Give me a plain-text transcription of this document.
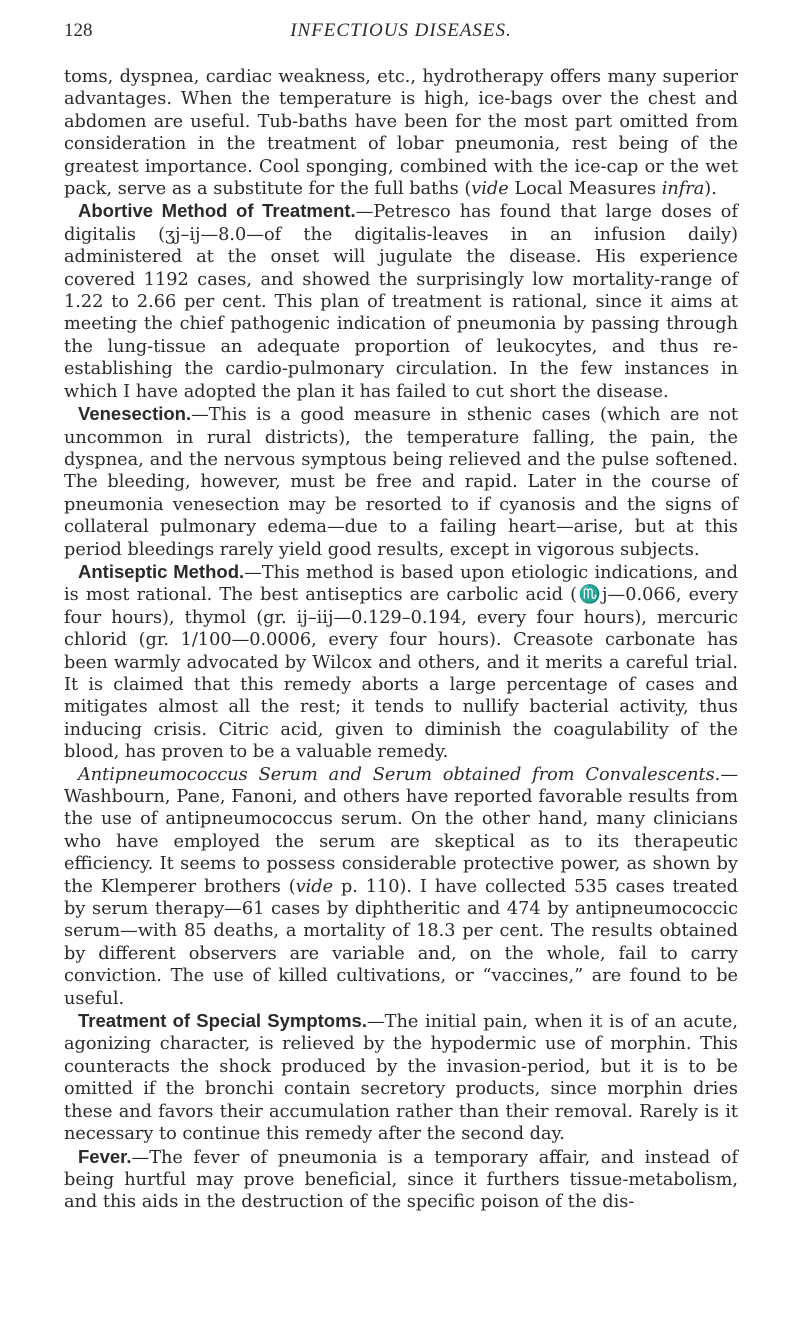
128	INFECTIOUS DISEASES.

toms, dyspnea, cardiac weakness, etc., hydrotherapy offers many superior advantages. When the temperature is high, ice-bags over the chest and abdomen are useful. Tub-baths have been for the most part omitted from consideration in the treatment of lobar pneumonia, rest being of the greatest importance. Cool sponging, combined with the ice-cap or the wet pack, serve as a substitute for the full baths (vide Local Measures infra).

Abortive Method of Treatment.—Petresco has found that large doses of digitalis (ʒj–ij—8.0—of the digitalis-leaves in an infusion daily) administered at the onset will jugulate the disease. His experience covered 1192 cases, and showed the surprisingly low mortality-range of 1.22 to 2.66 per cent. This plan of treatment is rational, since it aims at meeting the chief pathogenic indication of pneumonia by passing through the lung-tissue an adequate proportion of leukocytes, and thus re-establishing the cardio-pulmonary circulation. In the few instances in which I have adopted the plan it has failed to cut short the disease.

Venesection.—This is a good measure in sthenic cases (which are not uncommon in rural districts), the temperature falling, the pain, the dyspnea, and the nervous symptous being relieved and the pulse softened. The bleeding, however, must be free and rapid. Later in the course of pneumonia venesection may be resorted to if cyanosis and the signs of collateral pulmonary edema—due to a failing heart—arise, but at this period bleedings rarely yield good results, except in vigorous subjects.

Antiseptic Method.—This method is based upon etiologic indications, and is most rational. The best antiseptics are carbolic acid (♏j—0.066, every four hours), thymol (gr. ij–iij—0.129–0.194, every four hours), mercuric chlorid (gr. 1/100—0.0006, every four hours). Creasote carbonate has been warmly advocated by Wilcox and others, and it merits a careful trial. It is claimed that this remedy aborts a large percentage of cases and mitigates almost all the rest; it tends to nullify bacterial activity, thus inducing crisis. Citric acid, given to diminish the coagulability of the blood, has proven to be a valuable remedy.

Antipneumococcus Serum and Serum obtained from Convalescents.—Washbourn, Pane, Fanoni, and others have reported favorable results from the use of antipneumococcus serum. On the other hand, many clinicians who have employed the serum are skeptical as to its therapeutic efficiency. It seems to possess considerable protective power, as shown by the Klemperer brothers (vide p. 110). I have collected 535 cases treated by serum therapy—61 cases by diphtheritic and 474 by antipneumococcic serum—with 85 deaths, a mortality of 18.3 per cent. The results obtained by different observers are variable and, on the whole, fail to carry conviction. The use of killed cultivations, or “vaccines,” are found to be useful.

Treatment of Special Symptoms.—The initial pain, when it is of an acute, agonizing character, is relieved by the hypodermic use of morphin. This counteracts the shock produced by the invasion-period, but it is to be omitted if the bronchi contain secretory products, since morphin dries these and favors their accumulation rather than their removal. Rarely is it necessary to continue this remedy after the second day.

Fever.—The fever of pneumonia is a temporary affair, and instead of being hurtful may prove beneficial, since it furthers tissue-metabolism, and this aids in the destruction of the specific poison of the dis-
